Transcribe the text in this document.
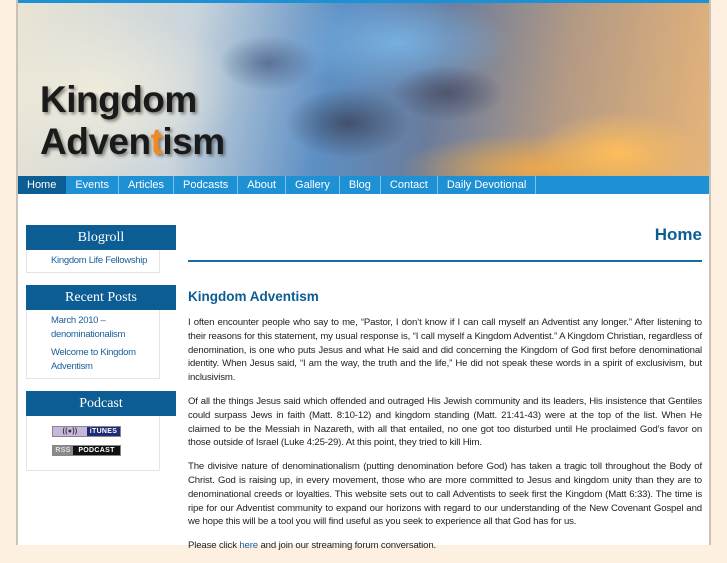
Kingdom
Adventism
Home	Events	Articles	Podcasts	About	Gallery	Blog	Contact	Daily Devotional
Blogroll
Kingdom Life Fellowship
Recent Posts
March 2010 – denominationalism
Welcome to Kingdom Adventism
Podcast
((●))	iTUNES
RSS	PODCAST
Home
Kingdom Adventism

I often encounter people who say to me, “Pastor, I don’t know if I can call myself an Adventist any longer.” After listening to their reasons for this statement, my usual response is, “I call myself a Kingdom Adventist.” A Kingdom Christian, regardless of denomination, is one who puts Jesus and what He said and did concerning the Kingdom of God first before denominational identity. When Jesus said, “I am the way, the truth and the life,” He did not speak these words in a spirit of exclusivism, but inclusivism.

Of all the things Jesus said which offended and outraged His Jewish community and its leaders, His insistence that Gentiles could surpass Jews in faith (Matt. 8:10-12) and kingdom standing (Matt. 21:41-43) were at the top of the list. When He claimed to be the Messiah in Nazareth, with all that entailed, no one got too disturbed until He proclaimed God’s favor on those outside of Israel (Luke 4:25-29). At this point, they tried to kill Him.

The divisive nature of denominationalism (putting denomination before God) has taken a tragic toll throughout the Body of Christ. God is raising up, in every movement, those who are more committed to Jesus and kingdom unity than they are to denominational creeds or loyalties. This website sets out to call Adventists to seek first the Kingdom (Matt 6:33). The time is ripe for our Adventist community to expand our horizons with regard to our understanding of the New Covenant Gospel and we hope this will be a tool you will find useful as you seek to experience all that God has for us.

Please click here and join our streaming forum conversation.
